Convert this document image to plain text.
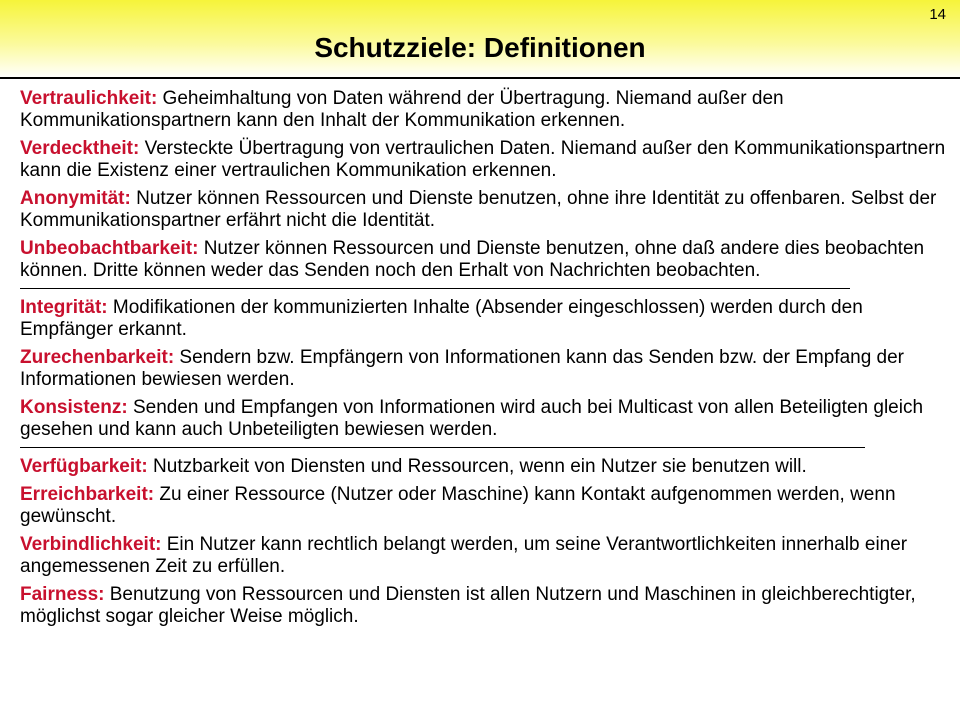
14
Schutzziele: Definitionen

Vertraulichkeit: Geheimhaltung von Daten während der Übertragung. Niemand außer den Kommunikationspartnern kann den Inhalt der Kommunikation erkennen.

Verdecktheit: Versteckte Übertragung von vertraulichen Daten. Niemand außer den Kommunikationspartnern kann die Existenz einer vertraulichen Kommunikation erkennen.

Anonymität: Nutzer können Ressourcen und Dienste benutzen, ohne ihre Identität zu offenbaren. Selbst der Kommunikationspartner erfährt nicht die Identität.

Unbeobachtbarkeit: Nutzer können Ressourcen und Dienste benutzen, ohne daß andere dies beobachten können. Dritte können weder das Senden noch den Erhalt von Nachrichten beobachten.

Integrität: Modifikationen der kommunizierten Inhalte (Absender eingeschlossen) werden durch den Empfänger erkannt.

Zurechenbarkeit: Sendern bzw. Empfängern von Informationen kann das Senden bzw. der Empfang der Informationen bewiesen werden.

Konsistenz: Senden und Empfangen von Informationen wird auch bei Multicast von allen Beteiligten gleich gesehen und kann auch Unbeteiligten bewiesen werden.

Verfügbarkeit: Nutzbarkeit von Diensten und Ressourcen, wenn ein Nutzer sie benutzen will.

Erreichbarkeit: Zu einer Ressource (Nutzer oder Maschine) kann Kontakt aufgenommen werden, wenn gewünscht.

Verbindlichkeit: Ein Nutzer kann rechtlich belangt werden, um seine Verantwortlichkeiten innerhalb einer angemessenen Zeit zu erfüllen.

Fairness: Benutzung von Ressourcen und Diensten ist allen Nutzern und Maschinen in gleichberechtigter, möglichst sogar gleicher Weise möglich.
